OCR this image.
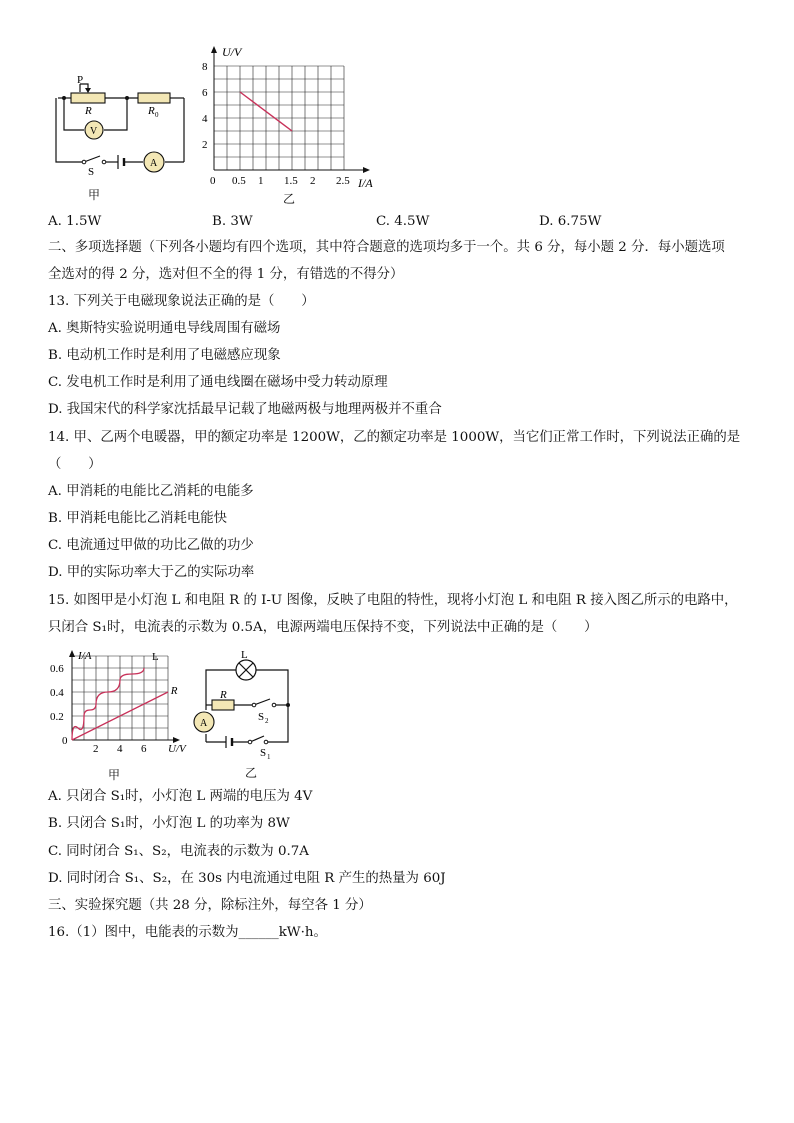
P
R	R 0
V
A
S
甲
U/V
I/A
0 0.5 1 1.5 2 2.5
2
4
6
8
乙
A. 1.5W	B. 3W	C. 4.5W	D. 6.75W
二、多项选择题（下列各小题均有四个选项，其中符合题意的选项均多于一个。共 6 分，每小题 2 分．每小题选项
全选对的得 2 分，选对但不全的得 1 分，有错选的不得分）
13. 下列关于电磁现象说法正确的是（　　）
A. 奥斯特实验说明通电导线周围有磁场
B. 电动机工作时是利用了电磁感应现象
C. 发电机工作时是利用了通电线圈在磁场中受力转动原理
D. 我国宋代的科学家沈括最早记载了地磁两极与地理两极并不重合
14. 甲、乙两个电暖器，甲的额定功率是 1200W，乙的额定功率是 1000W，当它们正常工作时，下列说法正确的是
（　　）
A. 甲消耗的电能比乙消耗的电能多
B. 甲消耗电能比乙消耗电能快
C. 电流通过甲做的功比乙做的功少
D. 甲的实际功率大于乙的实际功率
15. 如图甲是小灯泡 L 和电阻 R 的 I-U 图像，反映了电阻的特性，现将小灯泡 L 和电阻 R 接入图乙所示的电路中，
只闭合 S₁时，电流表的示数为 0.5A，电源两端电压保持不变，下列说法中正确的是（　　）
L
R
I/A
U/V
0
2 4 6
0.2
0.4
0.6
甲
L
R
A
S 2
S 1
乙
A. 只闭合 S₁时，小灯泡 L 两端的电压为 4V
B. 只闭合 S₁时，小灯泡 L 的功率为 8W
C. 同时闭合 S₁、S₂，电流表的示数为 0.7A
D. 同时闭合 S₁、S₂，在 30s 内电流通过电阻 R 产生的热量为 60J
三、实验探究题（共 28 分，除标注外，每空各 1 分）
16.（1）图中，电能表的示数为______kW·h。
